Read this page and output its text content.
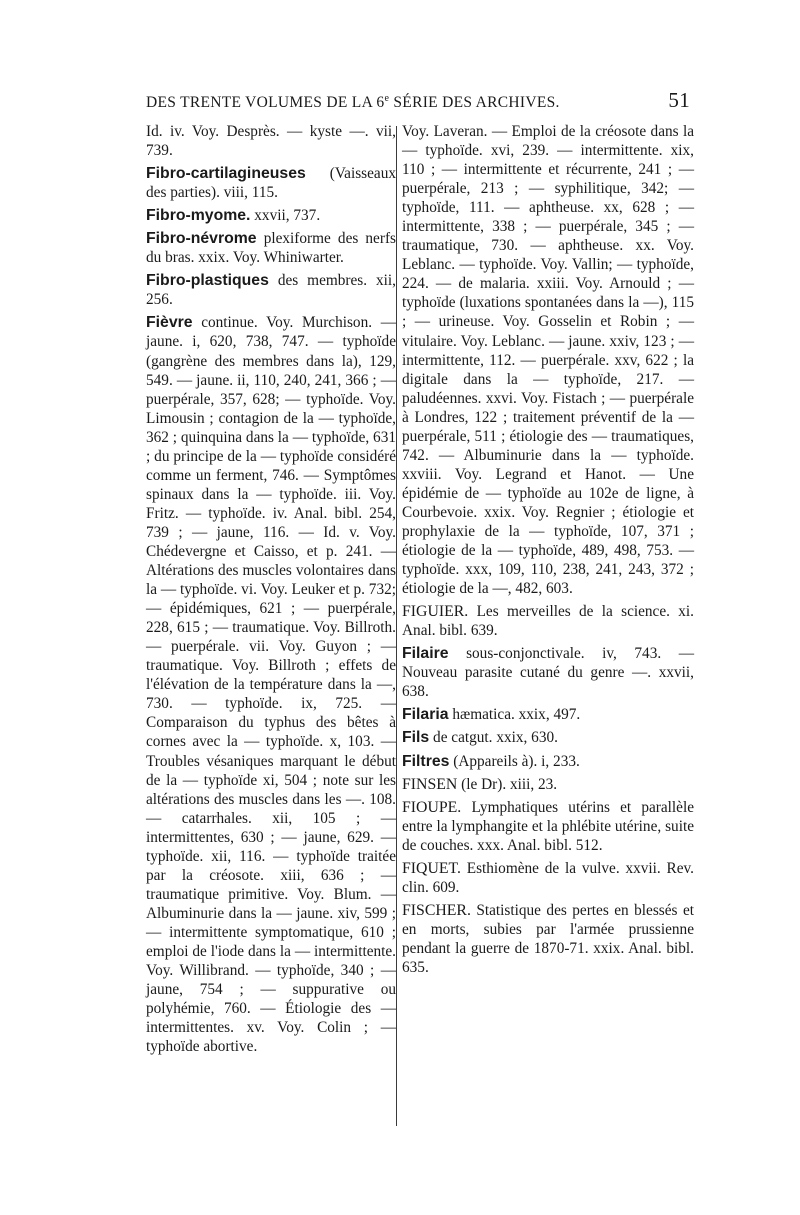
DES TRENTE VOLUMES DE LA 6e SÉRIE DES ARCHIVES.	51
Id. iv. Voy. Desprès. — kyste —. vii, 739.
Fibro-cartilagineuses (Vaisseaux des parties). viii, 115.
Fibro-myome. xxvii, 737.
Fibro-névrome plexiforme des nerfs du bras. xxix. Voy. Whiniwarter.
Fibro-plastiques des membres. xii, 256.
Fièvre continue. Voy. Murchison. — jaune. i, 620, 738, 747. — typhoïde (gangrène des membres dans la), 129, 549. — jaune. ii, 110, 240, 241, 366 ; — puerpérale, 357, 628; — typhoïde. Voy. Limousin ; contagion de la — typhoïde, 362 ; quinquina dans la — typhoïde, 631 ; du principe de la — typhoïde considéré comme un ferment, 746. — Symptômes spinaux dans la — typhoïde. iii. Voy. Fritz. — typhoïde. iv. Anal. bibl. 254, 739 ; — jaune, 116. — Id. v. Voy. Chédevergne et Caisso, et p. 241. — Altérations des muscles volontaires dans la — typhoïde. vi. Voy. Leuker et p. 732; — épidémiques, 621 ; — puerpérale, 228, 615 ; — traumatique. Voy. Billroth. — puerpérale. vii. Voy. Guyon ; — traumatique. Voy. Billroth ; effets de l'élévation de la température dans la —, 730. — typhoïde. ix, 725. — Comparaison du typhus des bêtes à cornes avec la — typhoïde. x, 103. — Troubles vésaniques marquant le début de la — typhoïde xi, 504 ; note sur les altérations des muscles dans les —. 108. — catarrhales. xii, 105 ; — intermittentes, 630 ; — jaune, 629. — typhoïde. xii, 116. — typhoïde traitée par la créosote. xiii, 636 ; — traumatique primitive. Voy. Blum. — Albuminurie dans la — jaune. xiv, 599 ; — intermittente symptomatique, 610 ; emploi de l'iode dans la — intermittente. Voy. Willibrand. — typhoïde, 340 ; — jaune, 754 ; — suppurative ou polyhémie, 760. — Étiologie des — intermittentes. xv. Voy. Colin ; — typhoïde abortive.
Voy. Laveran. — Emploi de la créosote dans la — typhoïde. xvi, 239. — intermittente. xix, 110 ; — intermittente et récurrente, 241 ; — puerpérale, 213 ; — syphilitique, 342; — typhoïde, 111. — aphtheuse. xx, 628 ; — intermittente, 338 ; — puerpérale, 345 ; — traumatique, 730. — aphtheuse. xx. Voy. Leblanc. — typhoïde. Voy. Vallin; — typhoïde, 224. — de malaria. xxiii. Voy. Arnould ; — typhoïde (luxations spontanées dans la —), 115 ; — urineuse. Voy. Gosselin et Robin ; — vitulaire. Voy. Leblanc. — jaune. xxiv, 123 ; — intermittente, 112. — puerpérale. xxv, 622 ; la digitale dans la — typhoïde, 217. — paludéennes. xxvi. Voy. Fistach ; — puerpérale à Londres, 122 ; traitement préventif de la — puerpérale, 511 ; étiologie des — traumatiques, 742. — Albuminurie dans la — typhoïde. xxviii. Voy. Legrand et Hanot. — Une épidémie de — typhoïde au 102e de ligne, à Courbevoie. xxix. Voy. Regnier ; étiologie et prophylaxie de la — typhoïde, 107, 371 ; étiologie de la — typhoïde, 489, 498, 753. — typhoïde. xxx, 109, 110, 238, 241, 243, 372 ; étiologie de la —, 482, 603.
FIGUIER. Les merveilles de la science. xi. Anal. bibl. 639.
Filaire sous-conjonctivale. iv, 743. — Nouveau parasite cutané du genre —. xxvii, 638.
Filaria hæmatica. xxix, 497.
Fils de catgut. xxix, 630.
Filtres (Appareils à). i, 233.
FINSEN (le Dr). xiii, 23.
FIOUPE. Lymphatiques utérins et parallèle entre la lymphangite et la phlébite utérine, suite de couches. xxx. Anal. bibl. 512.
FIQUET. Esthiomène de la vulve. xxvii. Rev. clin. 609.
FISCHER. Statistique des pertes en blessés et en morts, subies par l'armée prussienne pendant la guerre de 1870-71. xxix. Anal. bibl. 635.
